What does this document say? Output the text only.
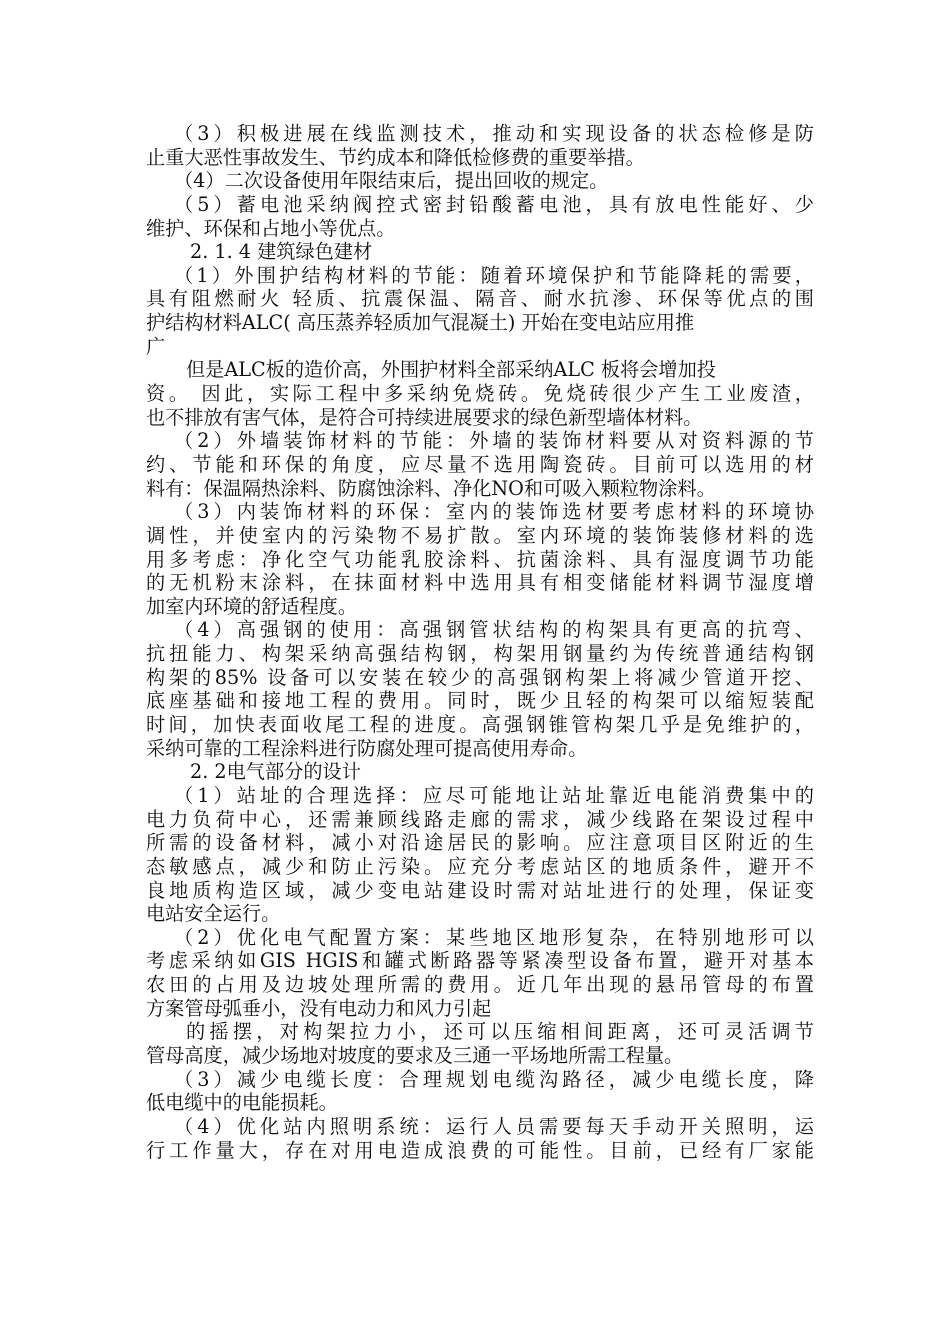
（3）积极进展在线监测技术，推动和实现设备的状态检修是防
止重大恶性事故发生、节约成本和降低检修费的重要举措。
（4）二次设备使用年限结束后，提出回收的规定。
（5）蓄电池采纳阀控式密封铅酸蓄电池，具有放电性能好、少
维护、环保和占地小等优点。
2. 1. 4 建筑绿色建材
（1）外围护结构材料的节能：随着环境保护和节能降耗的需要，
具有阻燃耐火 轻质、抗震保温、隔音、耐水抗渗、环保等优点的围
护结构材料ALC( 高压蒸养轻质加气混凝土) 开始在变电站应用推
广
但是ALC板的造价高，外围护材料全部采纳ALC 板将会增加投
资。 因此，实际工程中多采纳免烧砖。免烧砖很少产生工业废渣，
也不排放有害气体，是符合可持续进展要求的绿色新型墙体材料。
（2）外墙装饰材料的节能：外墙的装饰材料要从对资料源的节
约、节能和环保的角度，应尽量不选用陶瓷砖。目前可以选用的材
料有：保温隔热涂料、防腐蚀涂料、净化NO和可吸入颗粒物涂料。
（3）内装饰材料的环保：室内的装饰选材要考虑材料的环境协
调性，并使室内的污染物不易扩散。室内环境的装饰装修材料的选
用多考虑：净化空气功能乳胶涂料、抗菌涂料、具有湿度调节功能
的无机粉末涂料，在抹面材料中选用具有相变储能材料调节湿度增
加室内环境的舒适程度。
（4）高强钢的使用：高强钢管状结构的构架具有更高的抗弯、
抗扭能力、构架采纳高强结构钢，构架用钢量约为传统普通结构钢
构架的85% 设备可以安装在较少的高强钢构架上将减少管道开挖、
底座基础和接地工程的费用。同时，既少且轻的构架可以缩短装配
时间，加快表面收尾工程的进度。高强钢锥管构架几乎是免维护的，
采纳可靠的工程涂料进行防腐处理可提高使用寿命。
2. 2电气部分的设计
（1）站址的合理选择：应尽可能地让站址靠近电能消费集中的
电力负荷中心，还需兼顾线路走廊的需求，减少线路在架设过程中
所需的设备材料，减小对沿途居民的影响。应注意项目区附近的生
态敏感点，减少和防止污染。应充分考虑站区的地质条件，避开不
良地质构造区域，减少变电站建设时需对站址进行的处理，保证变
电站安全运行。
（2）优化电气配置方案：某些地区地形复杂，在特别地形可以
考虑采纳如GIS HGIS和罐式断路器等紧凑型设备布置，避开对基本
农田的占用及边坡处理所需的费用。近几年出现的悬吊管母的布置
方案管母弧垂小，没有电动力和风力引起
的摇摆，对构架拉力小，还可以压缩相间距离，还可灵活调节
管母高度，减少场地对坡度的要求及三通一平场地所需工程量。
（3）减少电缆长度：合理规划电缆沟路径，减少电缆长度，降
低电缆中的电能损耗。
（4）优化站内照明系统：运行人员需要每天手动开关照明，运
行工作量大，存在对用电造成浪费的可能性。目前，已经有厂家能
